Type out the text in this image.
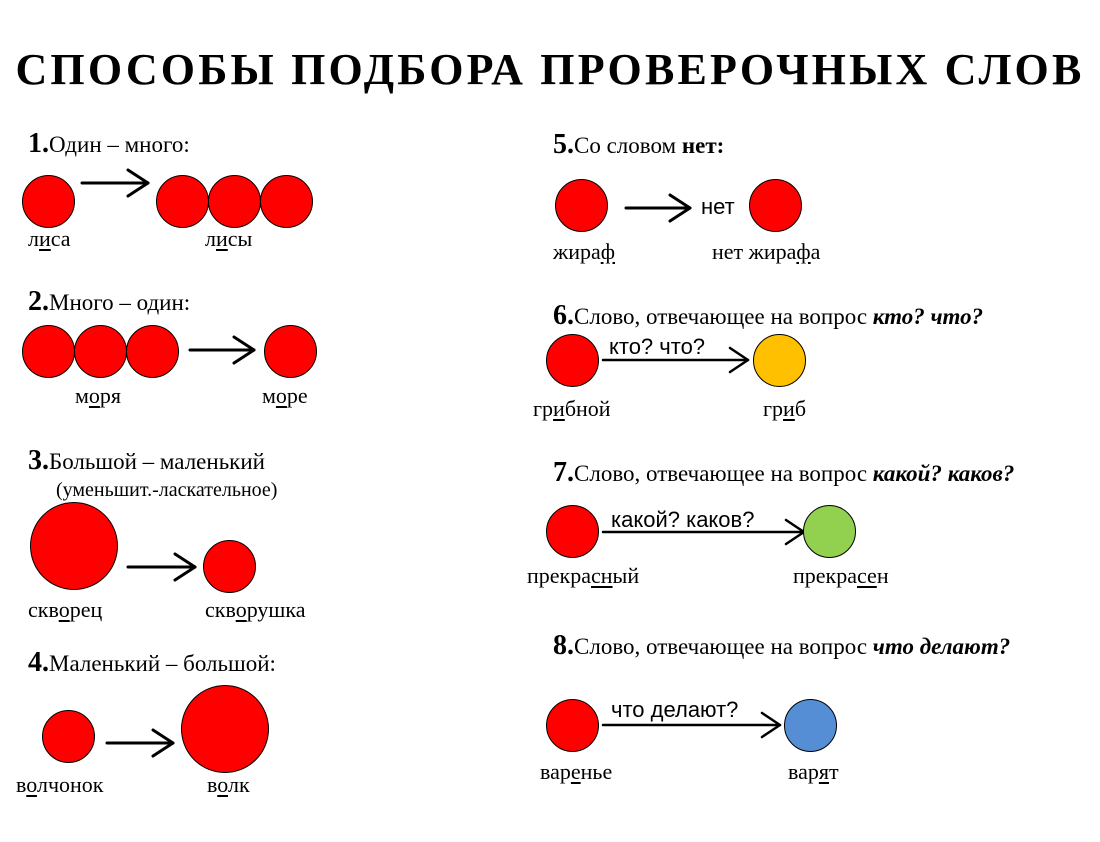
СПОСОБЫ ПОДБОРА ПРОВЕРОЧНЫХ СЛОВ
1.Один – много:
лиса	лисы
2.Много – один:
моря	море
3.Большой – маленький
(уменьшит.-ласкательное)
скворец	скворушка
4.Маленький – большой:
волчонок	волк
5.Со словом нет:
нет
жираф	нет жирафа
6.Слово, отвечающее на вопрос кто? что?
кто? что?
грибной	гриб
7.Слово, отвечающее на вопрос какой? каков?
какой? каков?
прекрасный	прекрасен
8.Слово, отвечающее на вопрос что делают?
что делают?
варенье	варят
